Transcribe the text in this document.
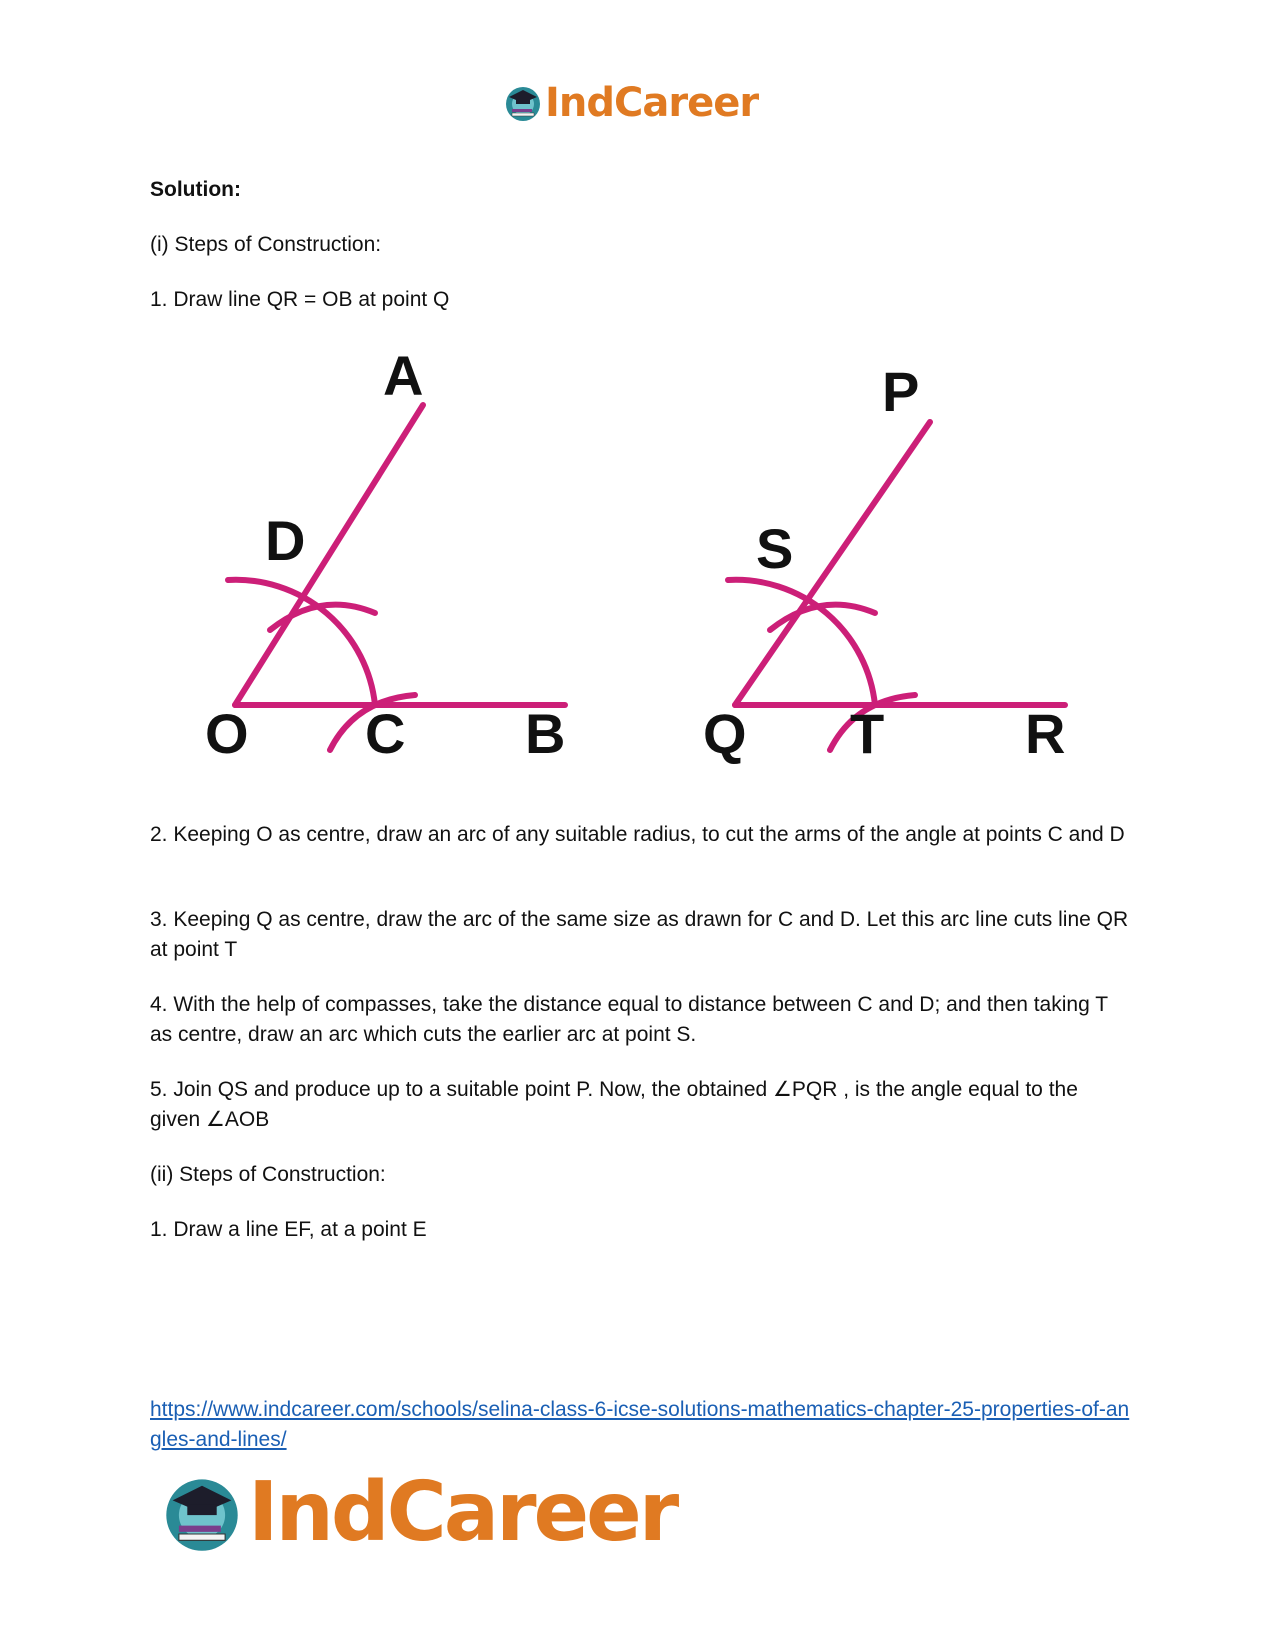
IndCareer

Solution:

(i) Steps of Construction:

1. Draw line QR = OB at point Q

2. Keeping O as centre, draw an arc of any suitable radius, to cut the arms of the angle at points C and D

3. Keeping Q as centre, draw the arc of the same size as drawn for C and D. Let this arc line cuts line QR at point T

4. With the help of compasses, take the distance equal to distance between C and D; and then taking T as centre, draw an arc which cuts the earlier arc at point S.

5. Join QS and produce up to a suitable point P. Now, the obtained ∠PQR , is the angle equal to the given ∠AOB

(ii) Steps of Construction:

1. Draw a line EF, at a point E

A
D
O C B
P
S
Q T	R
https://www.indcareer.com/schools/selina-class-6-icse-solutions-mathematics-chapter-25-properties-of-angles-and-lines/
IndCareer
